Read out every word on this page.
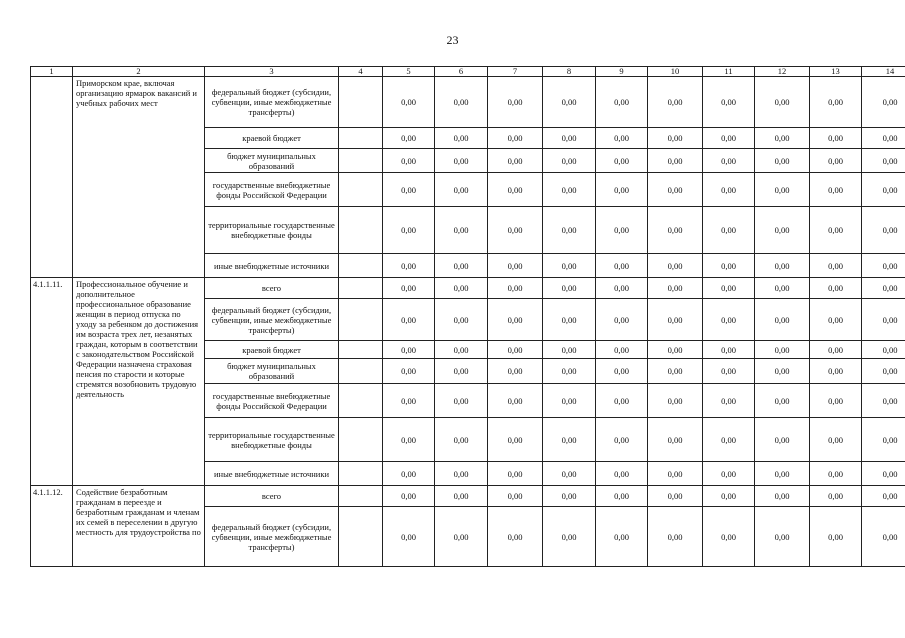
23
1	2	3	4	5	6	7	8	9	10	11	12	13	14
	Приморском крае, включая организацию ярмарок вакансий и учебных рабочих мест	федеральный бюджет (субсидии, субвенции, иные межбюджетные трансферты)		0,00	0,00	0,00	0,00	0,00	0,00	0,00	0,00	0,00	0,00
		краевой бюджет		0,00	0,00	0,00	0,00	0,00	0,00	0,00	0,00	0,00	0,00
		бюджет муниципальных образований		0,00	0,00	0,00	0,00	0,00	0,00	0,00	0,00	0,00	0,00
		государственные внебюджетные фонды Российской Федерации		0,00	0,00	0,00	0,00	0,00	0,00	0,00	0,00	0,00	0,00
		территориальные государственные внебюджетные фонды		0,00	0,00	0,00	0,00	0,00	0,00	0,00	0,00	0,00	0,00
		иные внебюджетные источники		0,00	0,00	0,00	0,00	0,00	0,00	0,00	0,00	0,00	0,00
4.1.1.11.	Профессиональное обучение и дополнительное профессиональное образование женщин в период отпуска по уходу за ребенком до достижения им возраста трех лет, незанятых граждан, которым в соответствии с законодательством Российской Федерации назначена страховая пенсия по старости и которые стремятся возобновить трудовую деятельность	всего		0,00	0,00	0,00	0,00	0,00	0,00	0,00	0,00	0,00	0,00
		федеральный бюджет (субсидии, субвенции, иные межбюджетные трансферты)		0,00	0,00	0,00	0,00	0,00	0,00	0,00	0,00	0,00	0,00
		краевой бюджет		0,00	0,00	0,00	0,00	0,00	0,00	0,00	0,00	0,00	0,00
		бюджет муниципальных образований		0,00	0,00	0,00	0,00	0,00	0,00	0,00	0,00	0,00	0,00
		государственные внебюджетные фонды Российской Федерации		0,00	0,00	0,00	0,00	0,00	0,00	0,00	0,00	0,00	0,00
		территориальные государственные внебюджетные фонды		0,00	0,00	0,00	0,00	0,00	0,00	0,00	0,00	0,00	0,00
		иные внебюджетные источники		0,00	0,00	0,00	0,00	0,00	0,00	0,00	0,00	0,00	0,00
4.1.1.12.	Содействие безработным гражданам в переезде и безработным гражданам и членам их семей в переселении в другую местность для трудоустройства по	всего		0,00	0,00	0,00	0,00	0,00	0,00	0,00	0,00	0,00	0,00
		федеральный бюджет (субсидии, субвенции, иные межбюджетные трансферты)		0,00	0,00	0,00	0,00	0,00	0,00	0,00	0,00	0,00	0,00
